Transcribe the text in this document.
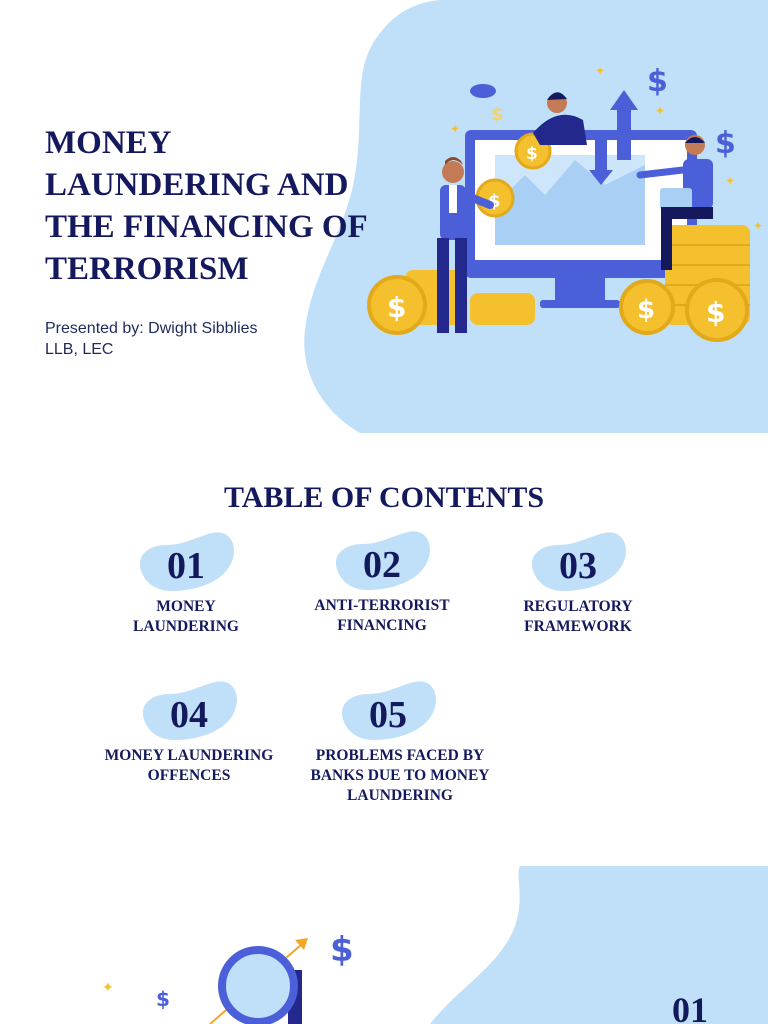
MONEY LAUNDERING AND THE FINANCING OF TERRORISM

Presented by: Dwight Sibblies LLB, LEC

$
$
$
✦
✦
✦
✦
✦
$	$ $
$
$
TABLE OF CONTENTS
01
MONEY LAUNDERING
02
ANTI-TERRORIST FINANCING
03
REGULATORY FRAMEWORK
04
MONEY LAUNDERING OFFENCES
05
PROBLEMS FACED BY BANKS DUE TO MONEY LAUNDERING
$
$
✦
01
